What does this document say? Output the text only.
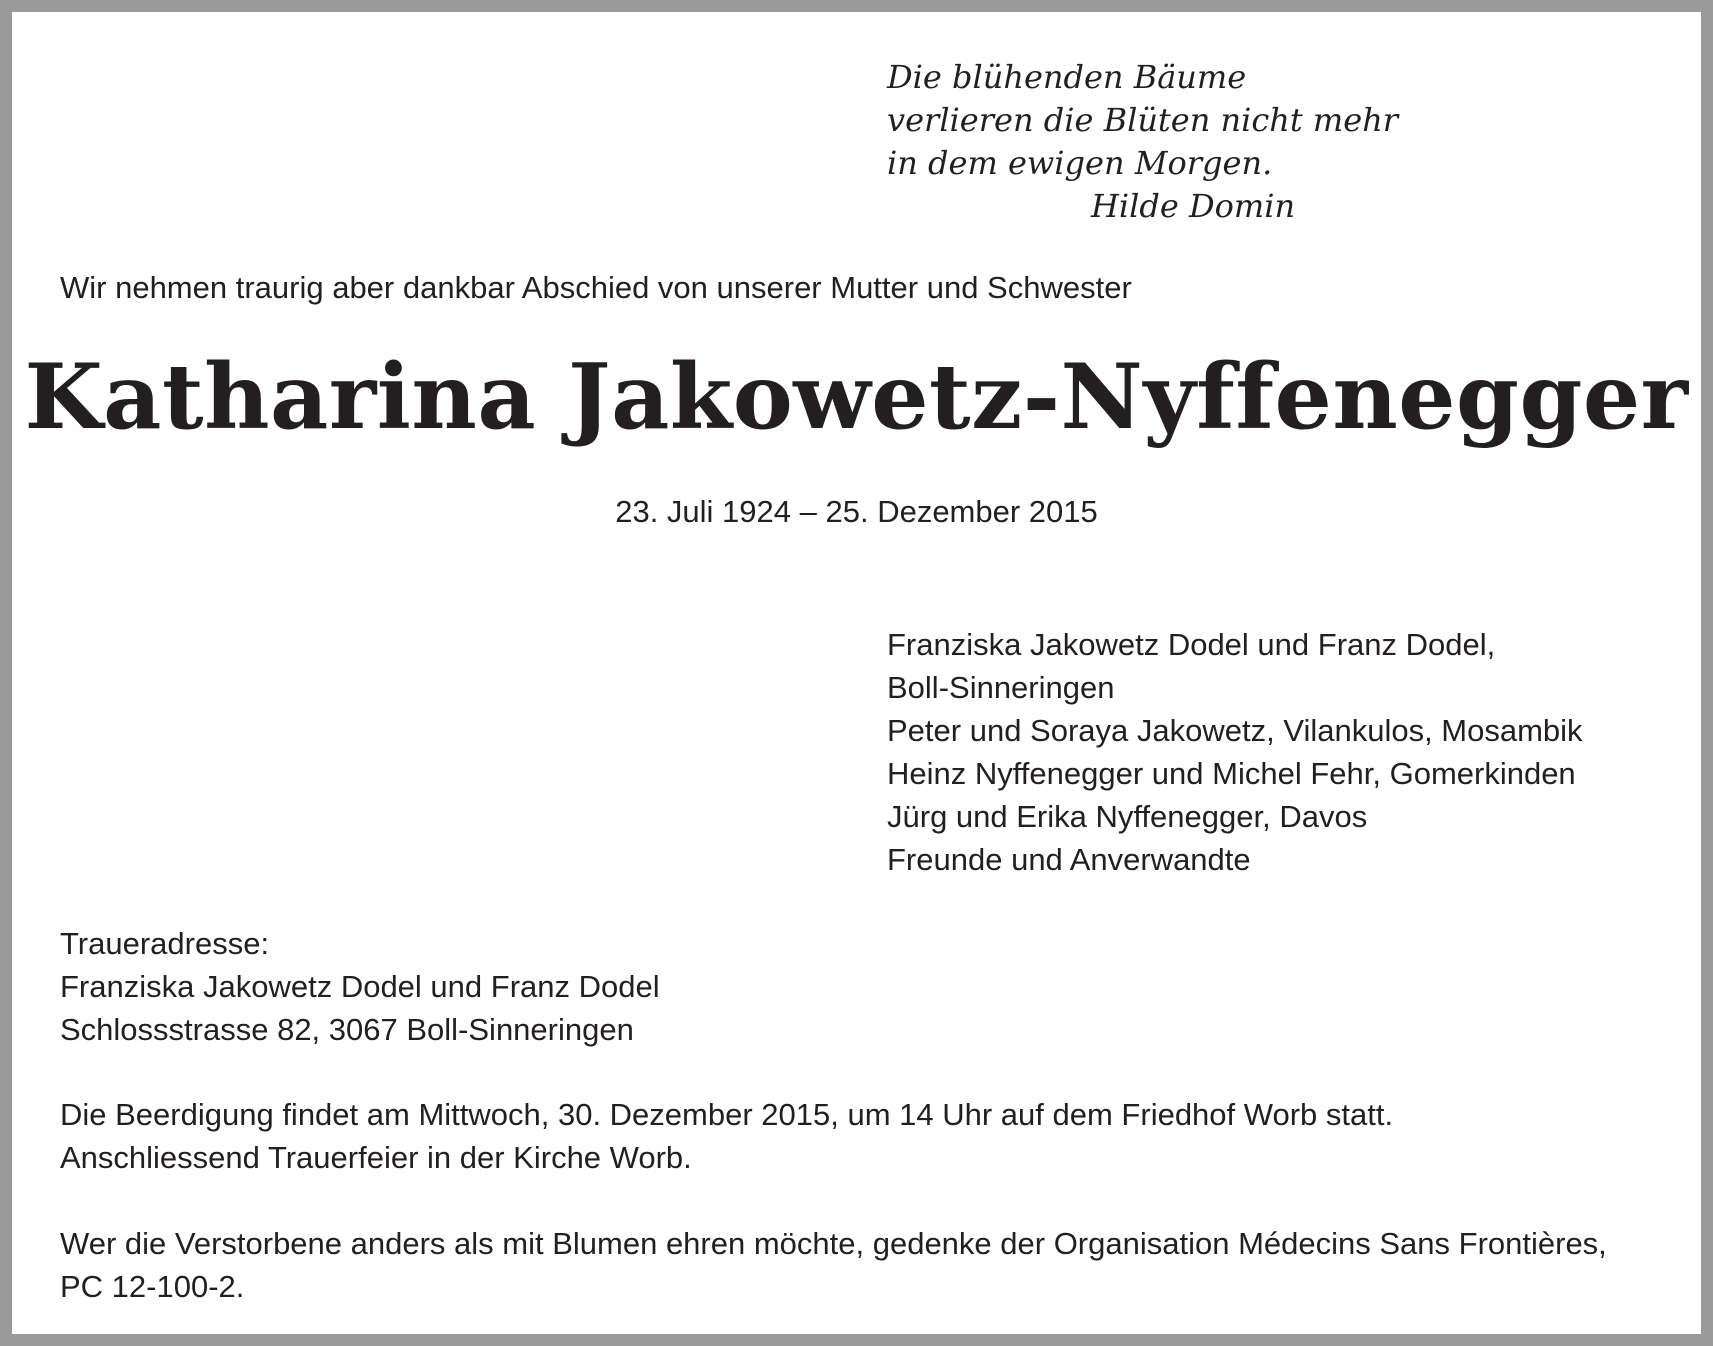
Die blühenden Bäume
verlieren die Blüten nicht mehr
in dem ewigen Morgen.
Hilde Domin

Wir nehmen traurig aber dankbar Abschied von unserer Mutter und Schwester

Katharina Jakowetz-Nyffenegger

23. Juli 1924 – 25. Dezember 2015

Franziska Jakowetz Dodel und Franz Dodel,
Boll-Sinneringen
Peter und Soraya Jakowetz, Vilankulos, Mosambik
Heinz Nyffenegger und Michel Fehr, Gomerkinden
Jürg und Erika Nyffenegger, Davos
Freunde und Anverwandte
Traueradresse:
Franziska Jakowetz Dodel und Franz Dodel
Schlossstrasse 82, 3067 Boll-Sinneringen
Die Beerdigung findet am Mittwoch, 30. Dezember 2015, um 14 Uhr auf dem Friedhof Worb statt.
Anschliessend Trauerfeier in der Kirche Worb.
Wer die Verstorbene anders als mit Blumen ehren möchte, gedenke der Organisation Médecins Sans Frontières,
PC 12-100-2.
